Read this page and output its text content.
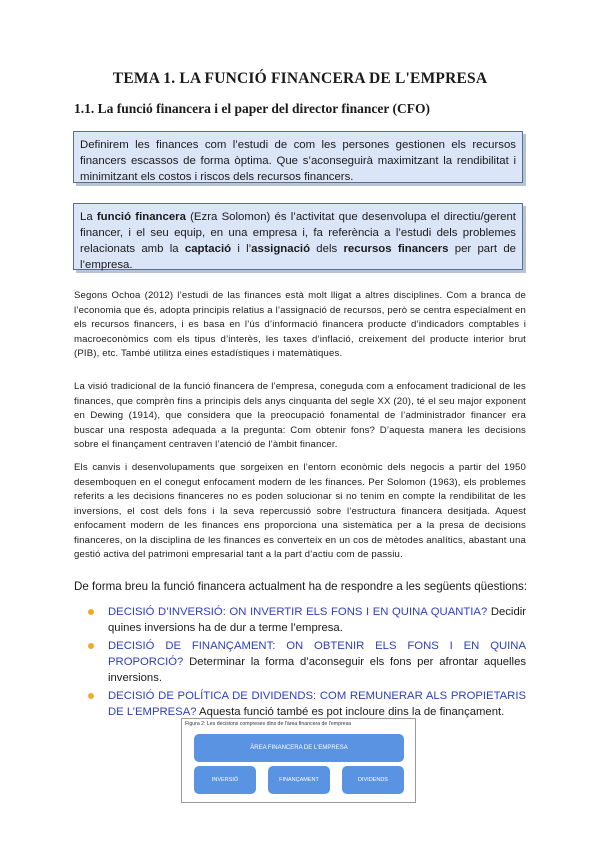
TEMA 1. LA FUNCIÓ FINANCERA DE L'EMPRESA
1.1. La funció financera i el paper del director financer (CFO)
Definirem les finances com l’estudi de com les persones gestionen els recursos financers escassos de forma òptima. Que s’aconseguirà maximitzant la rendibilitat i minimitzant els costos i riscos dels recursos financers.
La funció financera (Ezra Solomon) és l’activitat que desenvolupa el directiu/gerent financer, i el seu equip, en una empresa i, fa referència a l’estudi dels problemes relacionats amb la captació i l’assignació dels recursos financers per part de l’empresa.
Segons Ochoa (2012) l’estudi de las finances està molt lligat a altres disciplines. Com a branca de l’economia que és, adopta principis relatius a l’assignació de recursos, però se centra especialment en els recursos financers, i es basa en l’ús d’informació financera producte d’indicadors comptables i macroeconòmics com els tipus d’interès, les taxes d’inflació, creixement del producte interior brut (PIB), etc. També utilitza eines estadístiques i matemàtiques.
La visió tradicional de la funció financera de l’empresa, coneguda com a enfocament tradicional de les finances, que comprèn fins a principis dels anys cinquanta del segle XX (20), té el seu major exponent en Dewing (1914), que considera que la preocupació fonamental de l’administrador financer era buscar una resposta adequada a la pregunta: Com obtenir fons? D’aquesta manera les decisions sobre el finançament centraven l’atenció de l’àmbit financer.
Els canvis i desenvolupaments que sorgeixen en l’entorn econòmic dels negocis a partir del 1950 desemboquen en el conegut enfocament modern de les finances. Per Solomon (1963), els problemes referits a les decisions financeres no es poden solucionar si no tenim en compte la rendibilitat de les inversions, el cost dels fons i la seva repercussió sobre l’estructura financera desitjada. Aquest enfocament modern de les finances ens proporciona una sistemàtica per a la presa de decisions financeres, on la disciplina de les finances es converteix en un cos de mètodes analítics, abastant una gestió activa del patrimoni empresarial tant a la part d’actiu com de passiu.
De forma breu la funció financera actualment ha de respondre a les següents qüestions:
DECISIÓ D’INVERSIÓ: ON INVERTIR ELS FONS I EN QUINA QUANTIA? Decidir quines inversions ha de dur a terme l’empresa.
DECISIÓ DE FINANÇAMENT: ON OBTENIR ELS FONS I EN QUINA PROPORCIÓ? Determinar la forma d’aconseguir els fons per afrontar aquelles inversions.
DECISIÓ DE POLÍTICA DE DIVIDENDS: COM REMUNERAR ALS PROPIETARIS DE L’EMPRESA? Aquesta funció també es pot incloure dins la de finançament.
Figura 2: Les decisions compreses dins de l'àrea financera de l'empresa
ÀREA FINANCERA DE L'EMPRESA
INVERSIÓ	FINANÇAMENT	DIVIDENDS
